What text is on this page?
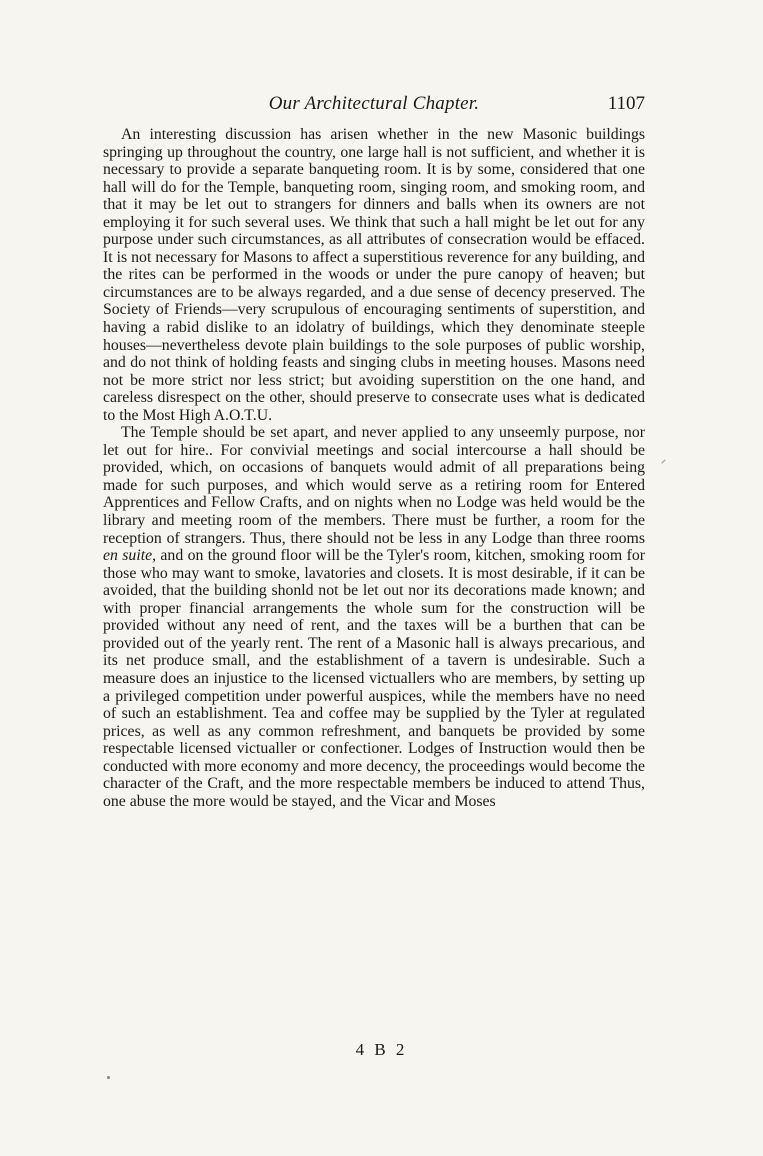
Our Architectural Chapter.	1107

An interesting discussion has arisen whether in the new Masonic buildings springing up throughout the country, one large hall is not sufficient, and whether it is necessary to provide a separate banqueting room. It is by some, considered that one hall will do for the Temple, banqueting room, singing room, and smoking room, and that it may be let out to strangers for dinners and balls when its owners are not employing it for such several uses. We think that such a hall might be let out for any purpose under such circumstances, as all attributes of consecration would be effaced. It is not necessary for Masons to affect a superstitious reverence for any building, and the rites can be performed in the woods or under the pure canopy of heaven; but circumstances are to be always regarded, and a due sense of decency preserved. The Society of Friends—very scrupulous of encouraging sentiments of superstition, and having a rabid dislike to an idolatry of buildings, which they denominate steeple houses—nevertheless devote plain buildings to the sole purposes of public worship, and do not think of holding feasts and singing clubs in meeting houses. Masons need not be more strict nor less strict; but avoiding superstition on the one hand, and careless disrespect on the other, should preserve to consecrate uses what is dedicated to the Most High A.O.T.U.

The Temple should be set apart, and never applied to any unseemly purpose, nor let out for hire.. For convivial meetings and social intercourse a hall should be provided, which, on occasions of banquets would admit of all preparations being made for such purposes, and which would serve as a retiring room for Entered Apprentices and Fellow Crafts, and on nights when no Lodge was held would be the library and meeting room of the members. There must be further, a room for the reception of strangers. Thus, there should not be less in any Lodge than three rooms en suite, and on the ground floor will be the Tyler's room, kitchen, smoking room for those who may want to smoke, lavatories and closets. It is most desirable, if it can be avoided, that the building shonld not be let out nor its decorations made known; and with proper financial arrangements the whole sum for the construction will be provided without any need of rent, and the taxes will be a burthen that can be provided out of the yearly rent. The rent of a Masonic hall is always precarious, and its net produce small, and the establishment of a tavern is undesirable. Such a measure does an injustice to the licensed victuallers who are members, by setting up a privileged competition under powerful auspices, while the members have no need of such an establishment. Tea and coffee may be supplied by the Tyler at regulated prices, as well as any common refreshment, and banquets be provided by some respectable licensed victualler or confectioner. Lodges of Instruction would then be conducted with more economy and more decency, the proceedings would become the character of the Craft, and the more respectable members be induced to attend Thus, one abuse the more would be stayed, and the Vicar and Moses

4 B 2
